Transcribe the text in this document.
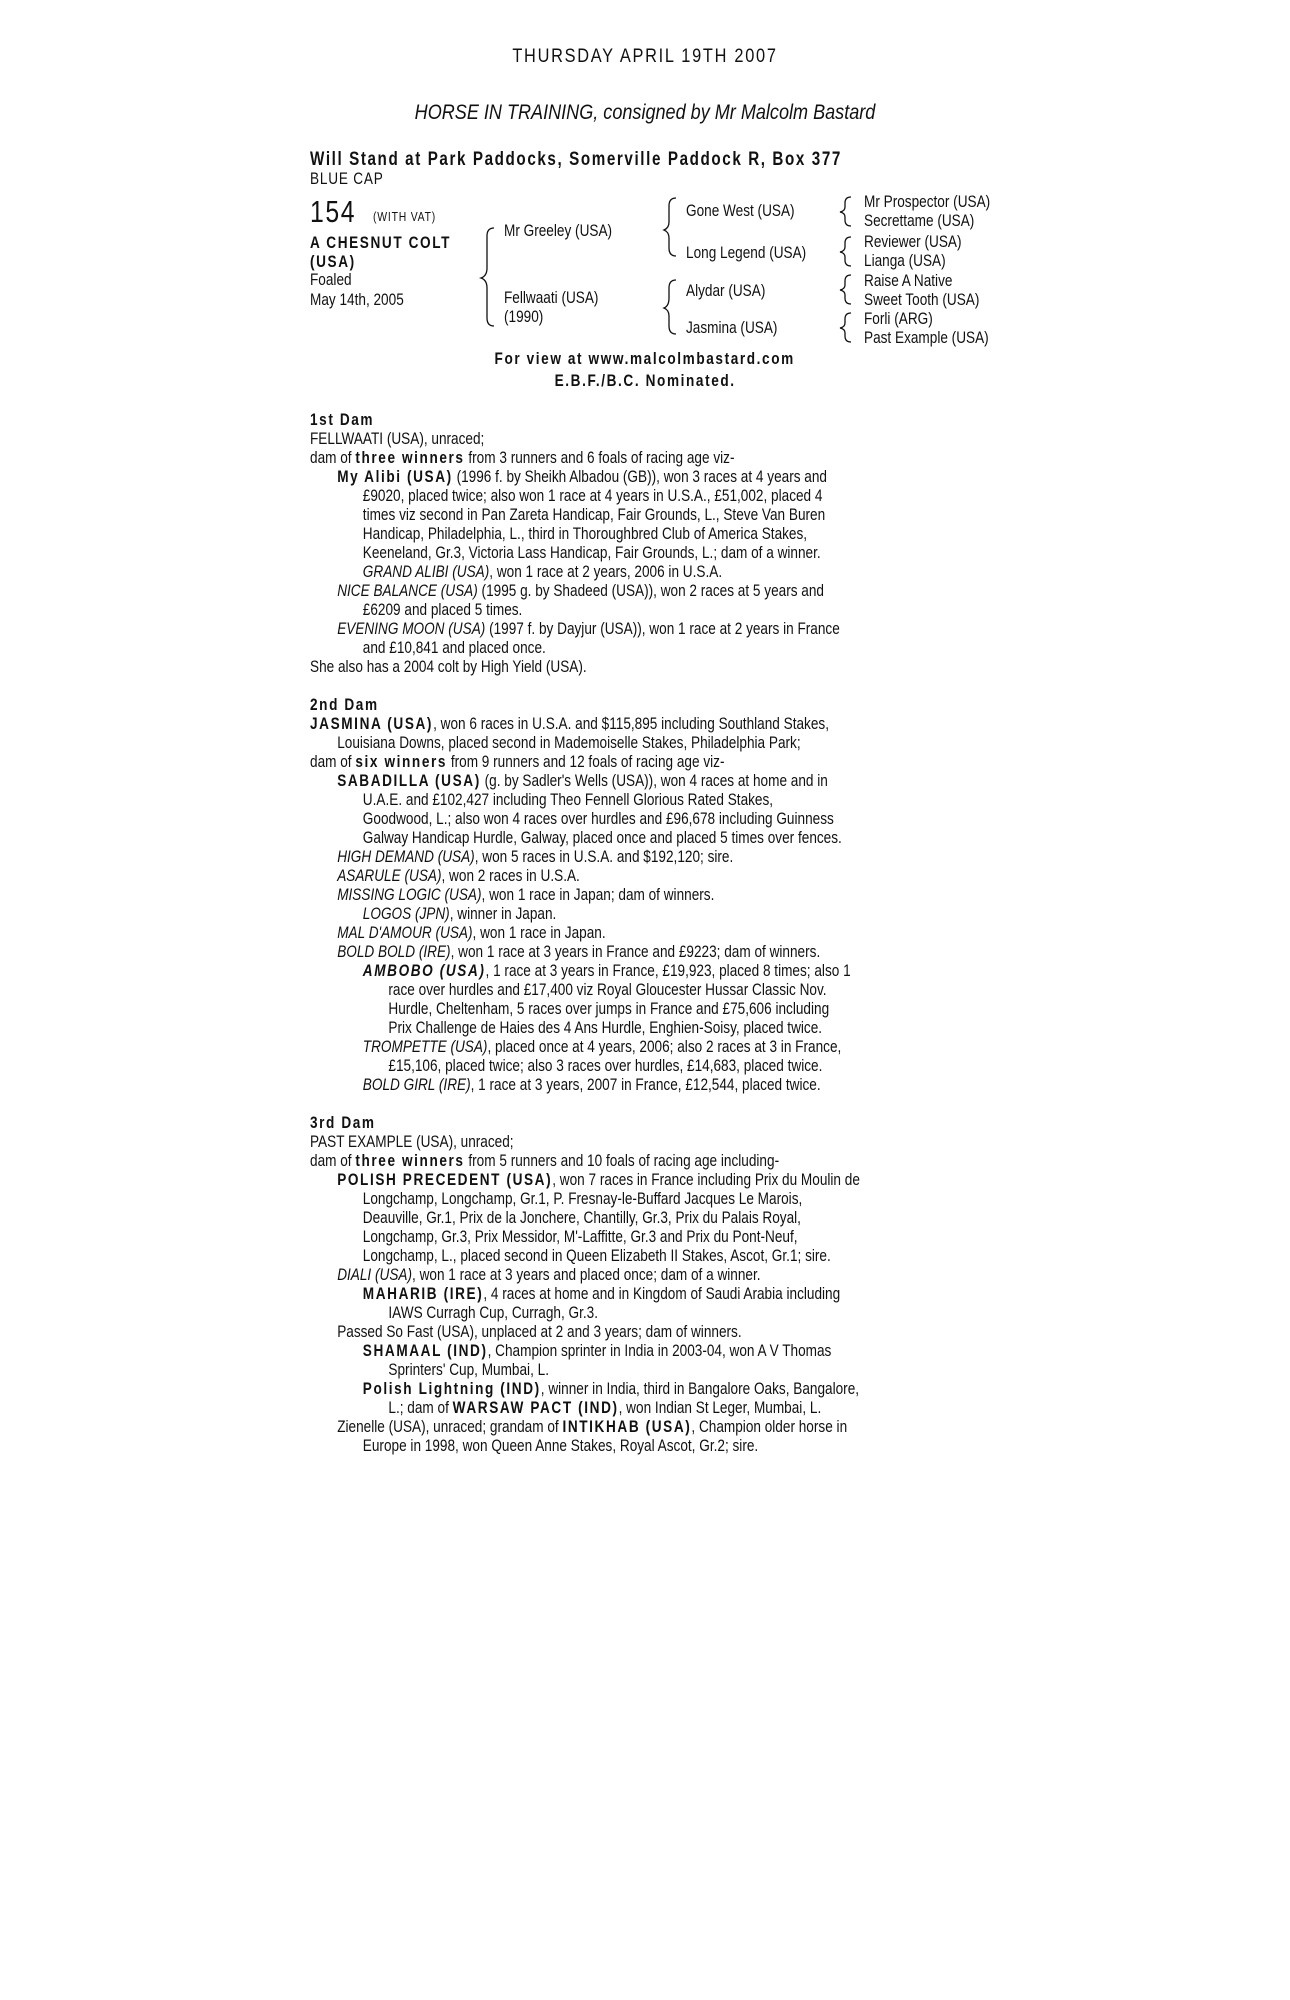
THURSDAY APRIL 19TH 2007
HORSE IN TRAINING, consigned by Mr Malcolm Bastard
Will Stand at Park Paddocks, Somerville Paddock R, Box 377
BLUE CAP
154 (WITH VAT)
A CHESNUT COLT
(USA)
Foaled
May 14th, 2005
Mr Greeley (USA)
Fellwaati (USA)
(1990)
Gone West (USA)
Long Legend (USA)
Alydar (USA)
Jasmina (USA)
Mr Prospector (USA)
Secrettame (USA)
Reviewer (USA)
Lianga (USA)
Raise A Native
Sweet Tooth (USA)
Forli (ARG)
Past Example (USA)
For view at www.malcolmbastard.com
E.B.F./B.C. Nominated.
1st Dam
FELLWAATI (USA), unraced;
dam of three winners from 3 runners and 6 foals of racing age viz-
My Alibi (USA) (1996 f. by Sheikh Albadou (GB)), won 3 races at 4 years and
£9020, placed twice; also won 1 race at 4 years in U.S.A., £51,002, placed 4
times viz second in Pan Zareta Handicap, Fair Grounds, L., Steve Van Buren
Handicap, Philadelphia, L., third in Thoroughbred Club of America Stakes,
Keeneland, Gr.3, Victoria Lass Handicap, Fair Grounds, L.; dam of a winner.
GRAND ALIBI (USA), won 1 race at 2 years, 2006 in U.S.A.
NICE BALANCE (USA) (1995 g. by Shadeed (USA)), won 2 races at 5 years and
£6209 and placed 5 times.
EVENING MOON (USA) (1997 f. by Dayjur (USA)), won 1 race at 2 years in France
and £10,841 and placed once.
She also has a 2004 colt by High Yield (USA).
2nd Dam
JASMINA (USA), won 6 races in U.S.A. and $115,895 including Southland Stakes,
Louisiana Downs, placed second in Mademoiselle Stakes, Philadelphia Park;
dam of six winners from 9 runners and 12 foals of racing age viz-
SABADILLA (USA) (g. by Sadler's Wells (USA)), won 4 races at home and in
U.A.E. and £102,427 including Theo Fennell Glorious Rated Stakes,
Goodwood, L.; also won 4 races over hurdles and £96,678 including Guinness
Galway Handicap Hurdle, Galway, placed once and placed 5 times over fences.
HIGH DEMAND (USA), won 5 races in U.S.A. and $192,120; sire.
ASARULE (USA), won 2 races in U.S.A.
MISSING LOGIC (USA), won 1 race in Japan; dam of winners.
LOGOS (JPN), winner in Japan.
MAL D'AMOUR (USA), won 1 race in Japan.
BOLD BOLD (IRE), won 1 race at 3 years in France and £9223; dam of winners.
AMBOBO (USA), 1 race at 3 years in France, £19,923, placed 8 times; also 1
race over hurdles and £17,400 viz Royal Gloucester Hussar Classic Nov.
Hurdle, Cheltenham, 5 races over jumps in France and £75,606 including
Prix Challenge de Haies des 4 Ans Hurdle, Enghien-Soisy, placed twice.
TROMPETTE (USA), placed once at 4 years, 2006; also 2 races at 3 in France,
£15,106, placed twice; also 3 races over hurdles, £14,683, placed twice.
BOLD GIRL (IRE), 1 race at 3 years, 2007 in France, £12,544, placed twice.
3rd Dam
PAST EXAMPLE (USA), unraced;
dam of three winners from 5 runners and 10 foals of racing age including-
POLISH PRECEDENT (USA), won 7 races in France including Prix du Moulin de
Longchamp, Longchamp, Gr.1, P. Fresnay-le-Buffard Jacques Le Marois,
Deauville, Gr.1, Prix de la Jonchere, Chantilly, Gr.3, Prix du Palais Royal,
Longchamp, Gr.3, Prix Messidor, M'-Laffitte, Gr.3 and Prix du Pont-Neuf,
Longchamp, L., placed second in Queen Elizabeth II Stakes, Ascot, Gr.1; sire.
DIALI (USA), won 1 race at 3 years and placed once; dam of a winner.
MAHARIB (IRE), 4 races at home and in Kingdom of Saudi Arabia including
IAWS Curragh Cup, Curragh, Gr.3.
Passed So Fast (USA), unplaced at 2 and 3 years; dam of winners.
SHAMAAL (IND), Champion sprinter in India in 2003-04, won A V Thomas
Sprinters' Cup, Mumbai, L.
Polish Lightning (IND), winner in India, third in Bangalore Oaks, Bangalore,
L.; dam of WARSAW PACT (IND), won Indian St Leger, Mumbai, L.
Zienelle (USA), unraced; grandam of INTIKHAB (USA), Champion older horse in
Europe in 1998, won Queen Anne Stakes, Royal Ascot, Gr.2; sire.
